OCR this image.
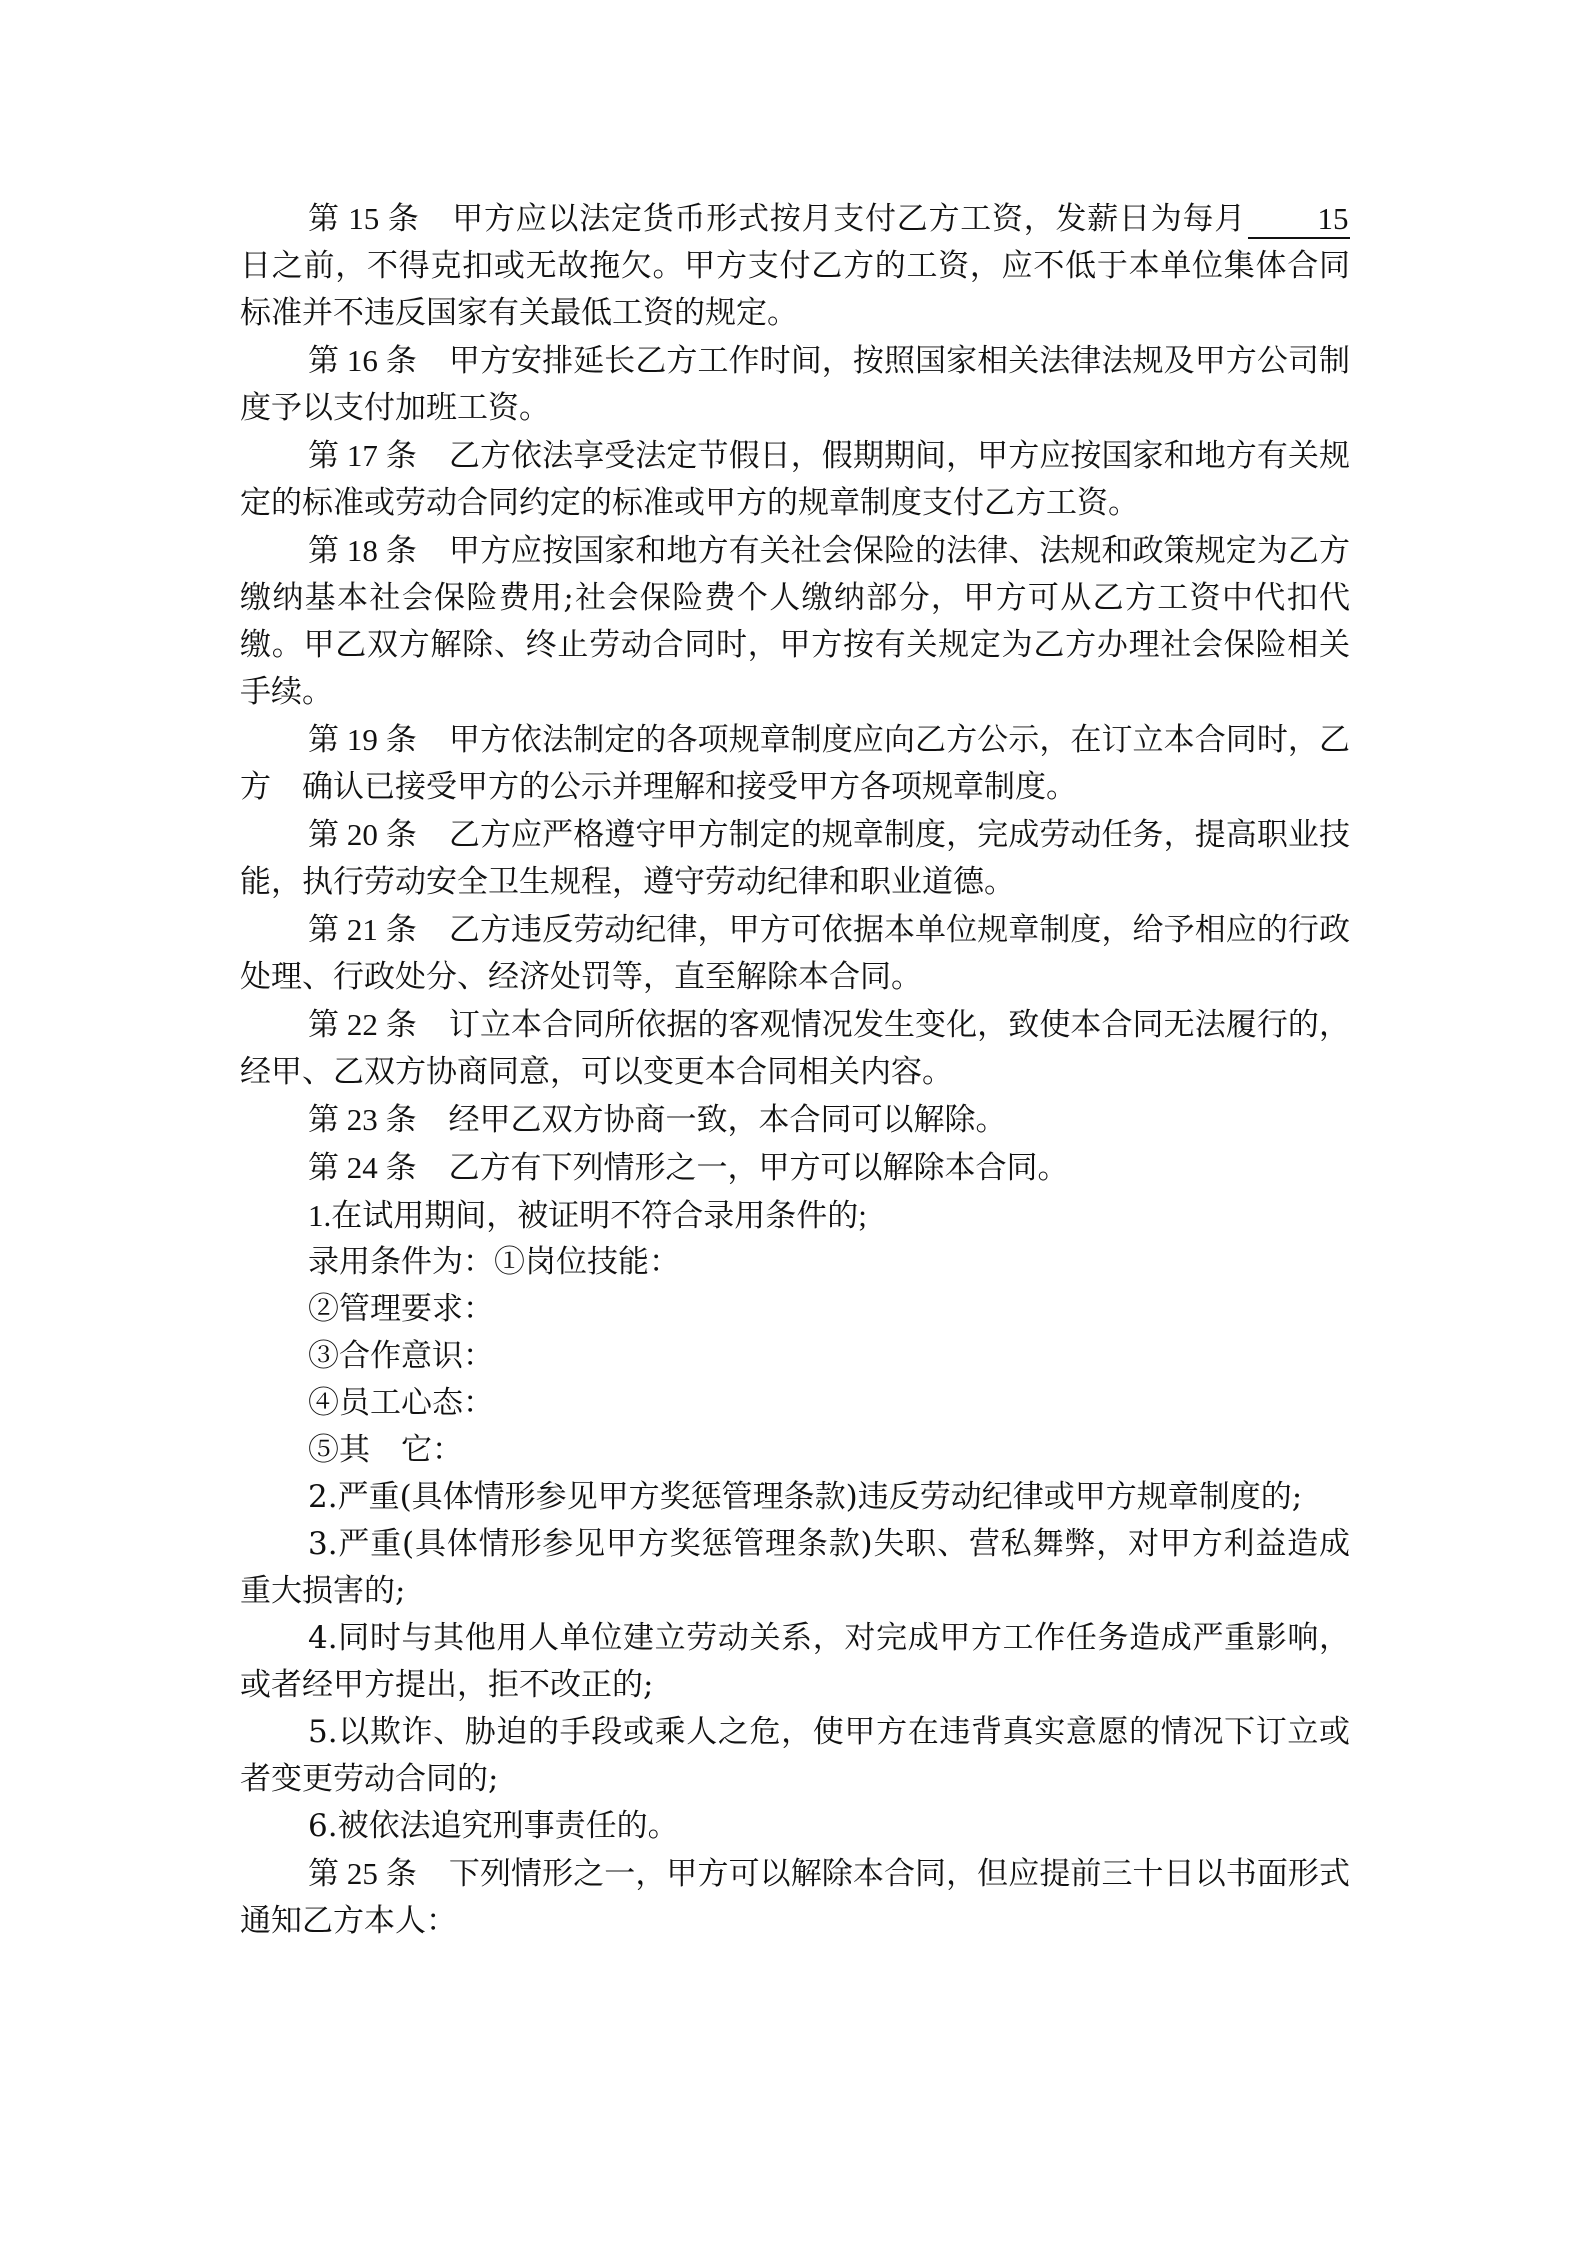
第 15 条 甲方应以法定货币形式按月支付乙方工资，发薪日为每月 15日之前，不得克扣或无故拖欠。甲方支付乙方的工资，应不低于本单位集体合同标准并不违反国家有关最低工资的规定。

第 16 条 甲方安排延长乙方工作时间，按照国家相关法律法规及甲方公司制度予以支付加班工资。

第 17 条 乙方依法享受法定节假日，假期期间，甲方应按国家和地方有关规定的标准或劳动合同约定的标准或甲方的规章制度支付乙方工资。

第 18 条 甲方应按国家和地方有关社会保险的法律、法规和政策规定为乙方缴纳基本社会保险费用;社会保险费个人缴纳部分，甲方可从乙方工资中代扣代缴。甲乙双方解除、终止劳动合同时，甲方按有关规定为乙方办理社会保险相关手续。

第 19 条 甲方依法制定的各项规章制度应向乙方公示，在订立本合同时，乙方　确认已接受甲方的公示并理解和接受甲方各项规章制度。

第 20 条 乙方应严格遵守甲方制定的规章制度，完成劳动任务，提高职业技能，执行劳动安全卫生规程，遵守劳动纪律和职业道德。

第 21 条 乙方违反劳动纪律，甲方可依据本单位规章制度，给予相应的行政处理、行政处分、经济处罚等，直至解除本合同。

第 22 条 订立本合同所依据的客观情况发生变化，致使本合同无法履行的，经甲、乙双方协商同意，可以变更本合同相关内容。

第 23 条 经甲乙双方协商一致，本合同可以解除。

第 24 条 乙方有下列情形之一，甲方可以解除本合同。

1.在试用期间，被证明不符合录用条件的;

录用条件为：①岗位技能：

②管理要求：

③合作意识：

④员工心态：

⑤其　它：

2.严重(具体情形参见甲方奖惩管理条款)违反劳动纪律或甲方规章制度的;

3.严重(具体情形参见甲方奖惩管理条款)失职、营私舞弊，对甲方利益造成重大损害的;

4.同时与其他用人单位建立劳动关系，对完成甲方工作任务造成严重影响，或者经甲方提出，拒不改正的;

5.以欺诈、胁迫的手段或乘人之危，使甲方在违背真实意愿的情况下订立或者变更劳动合同的;

6.被依法追究刑事责任的。

第 25 条 下列情形之一，甲方可以解除本合同，但应提前三十日以书面形式通知乙方本人：
